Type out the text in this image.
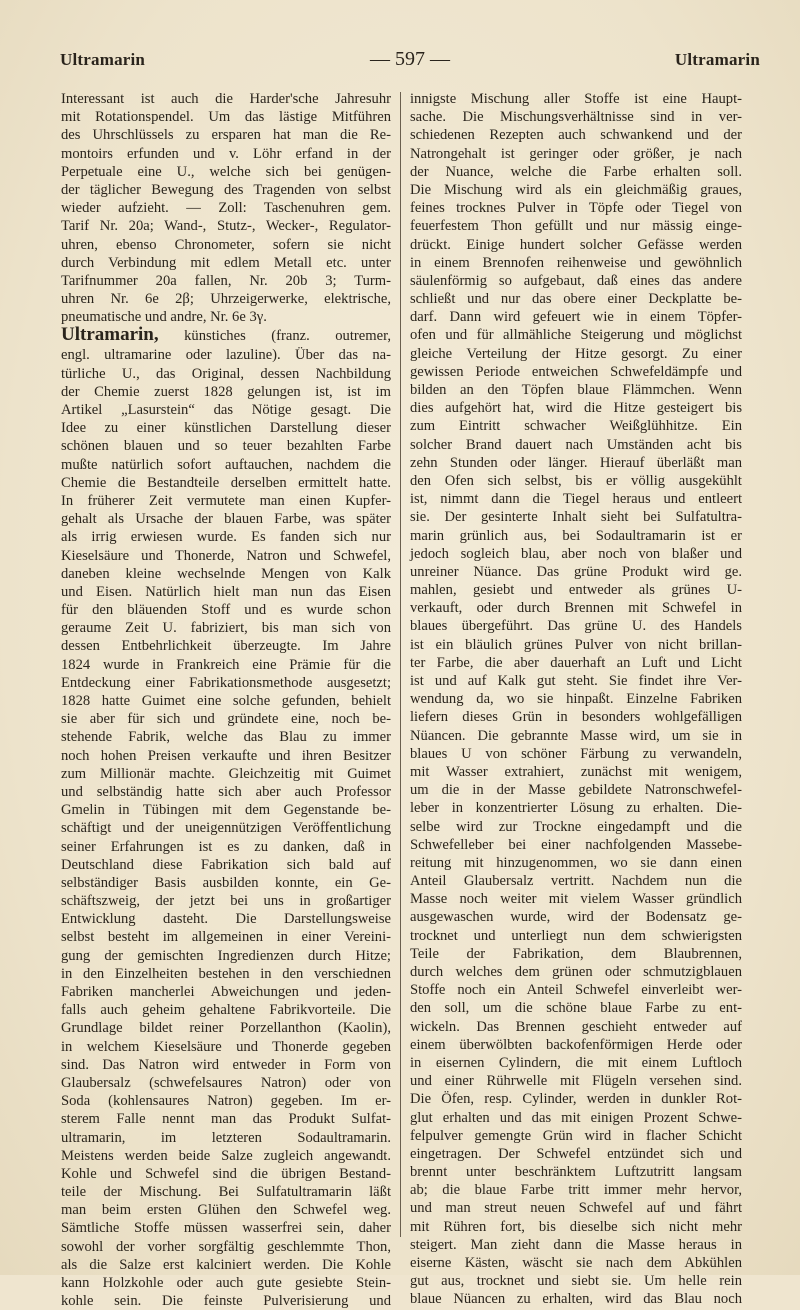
Ultramarin	— 597 —	Ultramarin
Interessant ist auch die Harder'sche Jahresuhr
mit Rotationspendel. Um das lästige Mitführen
des Uhrschlüssels zu ersparen hat man die Re-
montoirs erfunden und v. Löhr erfand in der
Perpetuale eine U., welche sich bei genügen-
der täglicher Bewegung des Tragenden von selbst
wieder aufzieht. — Zoll: Taschenuhren gem.
Tarif Nr. 20a; Wand-, Stutz-, Wecker-, Regulator-
uhren, ebenso Chronometer, sofern sie nicht
durch Verbindung mit edlem Metall etc. unter
Tarifnummer 20a fallen, Nr. 20b 3; Turm-
uhren Nr. 6e 2β; Uhrzeigerwerke, elektrische,
pneumatische und andre, Nr. 6e 3γ.
Ultramarin, künstiches (franz. outremer,
engl. ultramarine oder lazuline). Über das na-
türliche U., das Original, dessen Nachbildung
der Chemie zuerst 1828 gelungen ist, ist im
Artikel „Lasurstein“ das Nötige gesagt. Die
Idee zu einer künstlichen Darstellung dieser
schönen blauen und so teuer bezahlten Farbe
mußte natürlich sofort auftauchen, nachdem die
Chemie die Bestandteile derselben ermittelt hatte.
In früherer Zeit vermutete man einen Kupfer-
gehalt als Ursache der blauen Farbe, was später
als irrig erwiesen wurde. Es fanden sich nur
Kieselsäure und Thonerde, Natron und Schwefel,
daneben kleine wechselnde Mengen von Kalk
und Eisen. Natürlich hielt man nun das Eisen
für den bläuenden Stoff und es wurde schon
geraume Zeit U. fabriziert, bis man sich von
dessen Entbehrlichkeit überzeugte. Im Jahre
1824 wurde in Frankreich eine Prämie für die
Entdeckung einer Fabrikationsmethode ausgesetzt;
1828 hatte Guimet eine solche gefunden, behielt
sie aber für sich und gründete eine, noch be-
stehende Fabrik, welche das Blau zu immer
noch hohen Preisen verkaufte und ihren Besitzer
zum Millionär machte. Gleichzeitig mit Guimet
und selbständig hatte sich aber auch Professor
Gmelin in Tübingen mit dem Gegenstande be-
schäftigt und der uneigennützigen Veröffentlichung
seiner Erfahrungen ist es zu danken, daß in
Deutschland diese Fabrikation sich bald auf
selbständiger Basis ausbilden konnte, ein Ge-
schäftszweig, der jetzt bei uns in großartiger
Entwicklung dasteht. Die Darstellungsweise
selbst besteht im allgemeinen in einer Vereini-
gung der gemischten Ingredienzen durch Hitze;
in den Einzelheiten bestehen in den verschiednen
Fabriken mancherlei Abweichungen und jeden-
falls auch geheim gehaltene Fabrikvorteile. Die
Grundlage bildet reiner Porzellanthon (Kaolin),
in welchem Kieselsäure und Thonerde gegeben
sind. Das Natron wird entweder in Form von
Glaubersalz (schwefelsaures Natron) oder von
Soda (kohlensaures Natron) gegeben. Im er-
sterem Falle nennt man das Produkt Sulfat-
ultramarin, im letzteren Sodaultramarin.
Meistens werden beide Salze zugleich angewandt.
Kohle und Schwefel sind die übrigen Bestand-
teile der Mischung. Bei Sulfatultramarin läßt
man beim ersten Glühen den Schwefel weg.
Sämtliche Stoffe müssen wasserfrei sein, daher
sowohl der vorher sorgfältig geschlemmte Thon,
als die Salze erst kalciniert werden. Die Kohle
kann Holzkohle oder auch gute gesiebte Stein-
kohle sein. Die feinste Pulverisierung und
innigste Mischung aller Stoffe ist eine Haupt-
sache. Die Mischungsverhältnisse sind in ver-
schiedenen Rezepten auch schwankend und der
Natrongehalt ist geringer oder größer, je nach
der Nuance, welche die Farbe erhalten soll.
Die Mischung wird als ein gleichmäßig graues,
feines trocknes Pulver in Töpfe oder Tiegel von
feuerfestem Thon gefüllt und nur mässig einge-
drückt. Einige hundert solcher Gefässe werden
in einem Brennofen reihenweise und gewöhnlich
säulenförmig so aufgebaut, daß eines das andere
schließt und nur das obere einer Deckplatte be-
darf. Dann wird gefeuert wie in einem Töpfer-
ofen und für allmähliche Steigerung und möglichst
gleiche Verteilung der Hitze gesorgt. Zu einer
gewissen Periode entweichen Schwefeldämpfe und
bilden an den Töpfen blaue Flämmchen. Wenn
dies aufgehört hat, wird die Hitze gesteigert bis
zum Eintritt schwacher Weißglühhitze. Ein
solcher Brand dauert nach Umständen acht bis
zehn Stunden oder länger. Hierauf überläßt man
den Ofen sich selbst, bis er völlig ausgekühlt
ist, nimmt dann die Tiegel heraus und entleert
sie. Der gesinterte Inhalt sieht bei Sulfatultra-
marin grünlich aus, bei Sodaultramarin ist er
jedoch sogleich blau, aber noch von blaßer und
unreiner Nüance. Das grüne Produkt wird ge.
mahlen, gesiebt und entweder als grünes U-
verkauft, oder durch Brennen mit Schwefel in
blaues übergeführt. Das grüne U. des Handels
ist ein bläulich grünes Pulver von nicht brillan-
ter Farbe, die aber dauerhaft an Luft und Licht
ist und auf Kalk gut steht. Sie findet ihre Ver-
wendung da, wo sie hinpaßt. Einzelne Fabriken
liefern dieses Grün in besonders wohlgefälligen
Nüancen. Die gebrannte Masse wird, um sie in
blaues U von schöner Färbung zu verwandeln,
mit Wasser extrahiert, zunächst mit wenigem,
um die in der Masse gebildete Natronschwefel-
leber in konzentrierter Lösung zu erhalten. Die-
selbe wird zur Trockne eingedampft und die
Schwefelleber bei einer nachfolgenden Massebe-
reitung mit hinzugenommen, wo sie dann einen
Anteil Glaubersalz vertritt. Nachdem nun die
Masse noch weiter mit vielem Wasser gründlich
ausgewaschen wurde, wird der Bodensatz ge-
trocknet und unterliegt nun dem schwierigsten
Teile der Fabrikation, dem Blaubrennen,
durch welches dem grünen oder schmutzigblauen
Stoffe noch ein Anteil Schwefel einverleibt wer-
den soll, um die schöne blaue Farbe zu ent-
wickeln. Das Brennen geschieht entweder auf
einem überwölbten backofenförmigen Herde oder
in eisernen Cylindern, die mit einem Luftloch
und einer Rührwelle mit Flügeln versehen sind.
Die Öfen, resp. Cylinder, werden in dunkler Rot-
glut erhalten und das mit einigen Prozent Schwe-
felpulver gemengte Grün wird in flacher Schicht
eingetragen. Der Schwefel entzündet sich und
brennt unter beschränktem Luftzutritt langsam
ab; die blaue Farbe tritt immer mehr hervor,
und man streut neuen Schwefel auf und fährt
mit Rühren fort, bis dieselbe sich nicht mehr
steigert. Man zieht dann die Masse heraus in
eiserne Kästen, wäscht sie nach dem Abkühlen
gut aus, trocknet und siebt sie. Um helle rein
blaue Nüancen zu erhalten, wird das Blau noch
